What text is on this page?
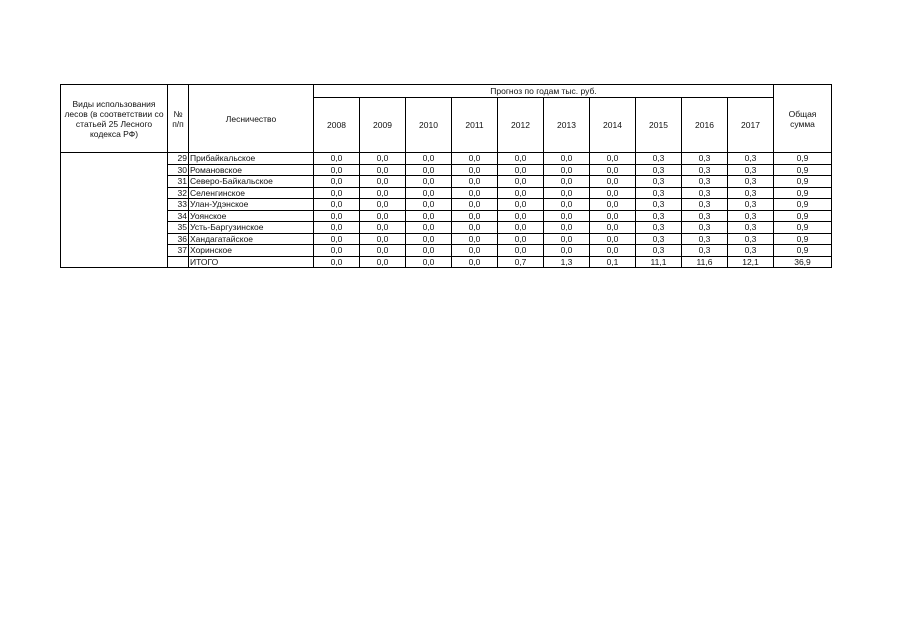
Виды использования лесов (в соответствии со статьей 25 Лесного кодекса РФ)	№ п/п	Лесничество	Прогноз по годам тыс. руб.										Общая сумма
			2008	2009	2010	2011	2012	2013	2014	2015	2016	2017	
	29	Прибайкальское	0,0	0,0	0,0	0,0	0,0	0,0	0,0	0,3	0,3	0,3	0,9
	30	Романовское	0,0	0,0	0,0	0,0	0,0	0,0	0,0	0,3	0,3	0,3	0,9
	31	Северо-Байкальское	0,0	0,0	0,0	0,0	0,0	0,0	0,0	0,3	0,3	0,3	0,9
	32	Селенгинское	0,0	0,0	0,0	0,0	0,0	0,0	0,0	0,3	0,3	0,3	0,9
	33	Улан-Удэнское	0,0	0,0	0,0	0,0	0,0	0,0	0,0	0,3	0,3	0,3	0,9
	34	Уоянское	0,0	0,0	0,0	0,0	0,0	0,0	0,0	0,3	0,3	0,3	0,9
	35	Усть-Баргузинское	0,0	0,0	0,0	0,0	0,0	0,0	0,0	0,3	0,3	0,3	0,9
	36	Хандагатайское	0,0	0,0	0,0	0,0	0,0	0,0	0,0	0,3	0,3	0,3	0,9
	37	Хоринское	0,0	0,0	0,0	0,0	0,0	0,0	0,0	0,3	0,3	0,3	0,9
		ИТОГО	0,0	0,0	0,0	0,0	0,7	1,3	0,1	11,1	11,6	12,1	36,9
